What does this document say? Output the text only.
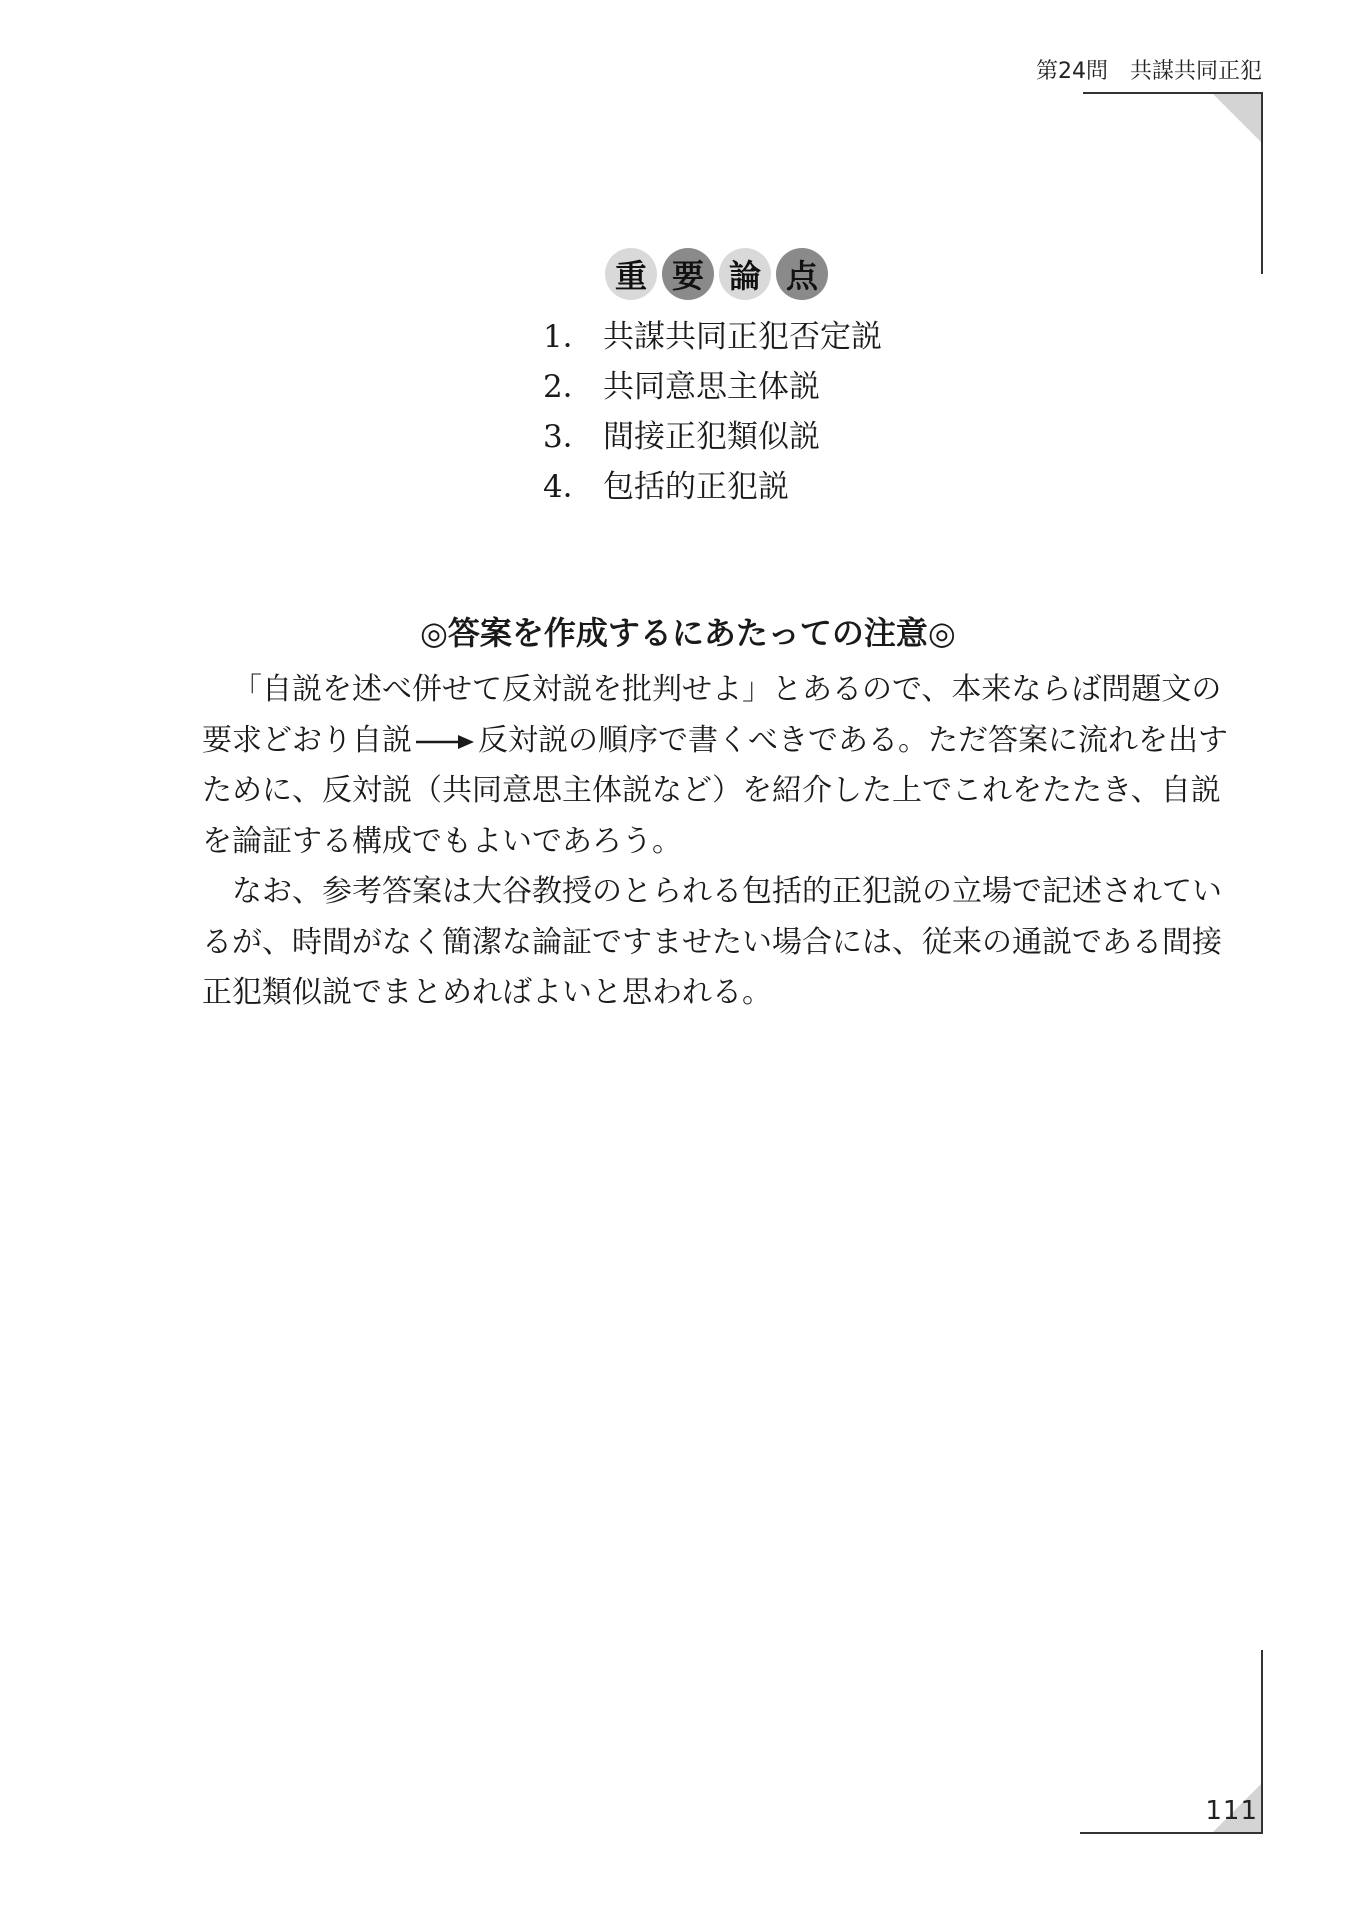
第24問 共謀共同正犯
重 要 論 点
1． 共謀共同正犯否定説
2． 共同意思主体説
3． 間接正犯類似説
4． 包括的正犯説
◎答案を作成するにあたっての注意◎

「自説を述べ併せて反対説を批判せよ」とあるので、本来ならば問題文の要求どおり自説 反対説の順序で書くべきである。ただ答案に流れを出すために、反対説（共同意思主体説など）を紹介した上でこれをたたき、自説を論証する構成でもよいであろう。

なお、参考答案は大谷教授のとられる包括的正犯説の立場で記述されているが、時間がなく簡潔な論証ですませたい場合には、従来の通説である間接正犯類似説でまとめればよいと思われる。

111
